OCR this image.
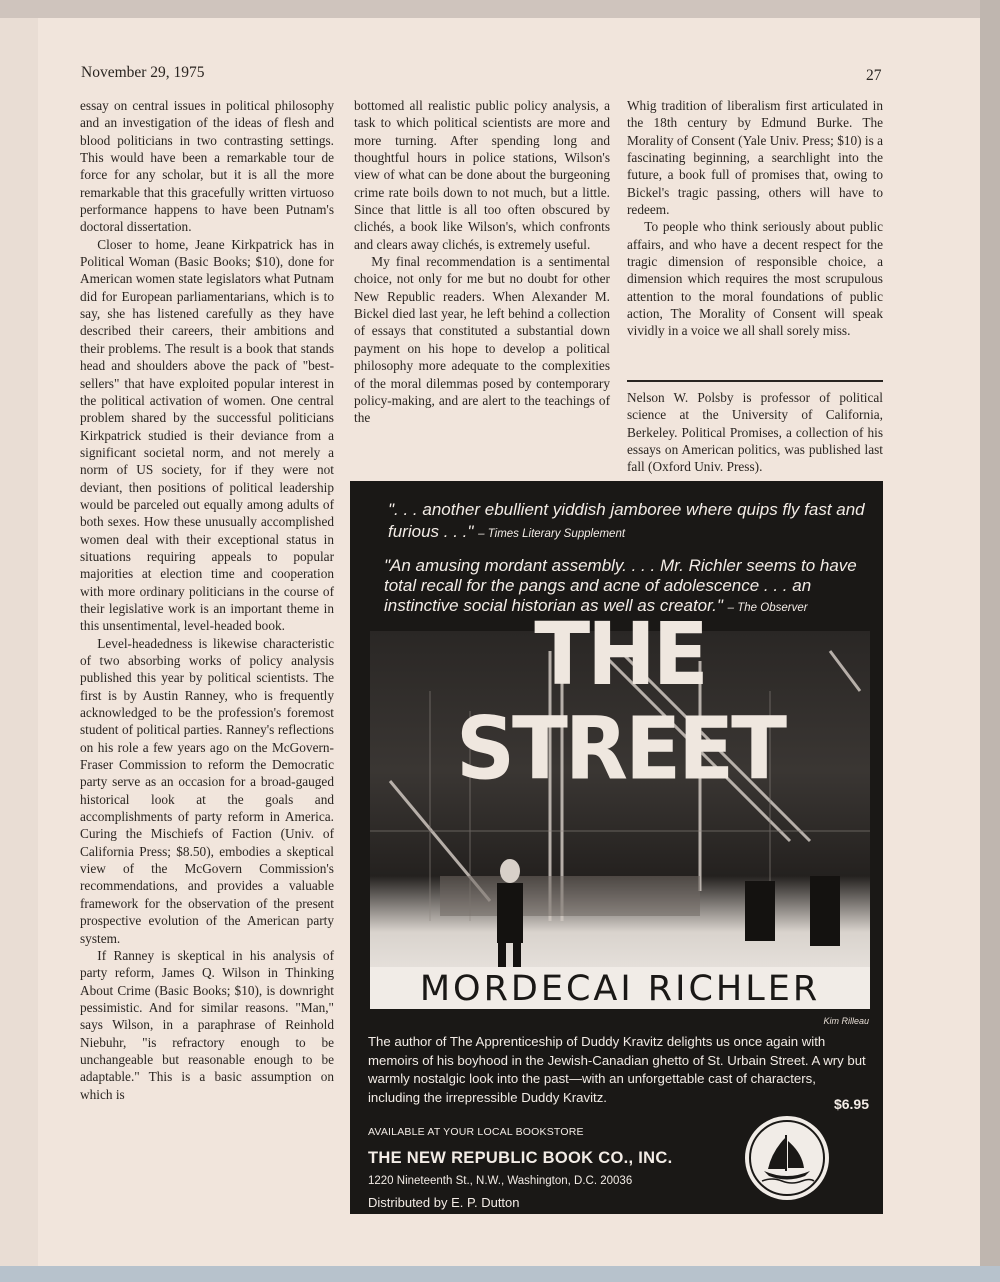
November 29, 1975	27

essay on central issues in political philosophy and an investigation of the ideas of flesh and blood politicians in two contrasting settings. This would have been a remarkable tour de force for any scholar, but it is all the more remarkable that this gracefully written virtuoso performance happens to have been Putnam's doctoral dissertation.

Closer to home, Jeane Kirkpatrick has in Political Woman (Basic Books; $10), done for American women state legislators what Putnam did for European parliamentarians, which is to say, she has listened carefully as they have described their careers, their ambitions and their problems. The result is a book that stands head and shoulders above the pack of "best-sellers" that have exploited popular interest in the political activation of women. One central problem shared by the successful politicians Kirkpatrick studied is their deviance from a significant societal norm, and not merely a norm of US society, for if they were not deviant, then positions of political leadership would be parceled out equally among adults of both sexes. How these unusually accomplished women deal with their exceptional status in situations requiring appeals to popular majorities at election time and cooperation with more ordinary politicians in the course of their legislative work is an important theme in this unsentimental, level-headed book.

Level-headedness is likewise characteristic of two absorbing works of policy analysis published this year by political scientists. The first is by Austin Ranney, who is frequently acknowledged to be the profession's foremost student of political parties. Ranney's reflections on his role a few years ago on the McGovern-Fraser Commission to reform the Democratic party serve as an occasion for a broad-gauged historical look at the goals and accomplishments of party reform in America. Curing the Mischiefs of Faction (Univ. of California Press; $8.50), embodies a skeptical view of the McGovern Commission's recommendations, and provides a valuable framework for the observation of the present prospective evolution of the American party system.

If Ranney is skeptical in his analysis of party reform, James Q. Wilson in Thinking About Crime (Basic Books; $10), is downright pessimistic. And for similar reasons. "Man," says Wilson, in a paraphrase of Reinhold Niebuhr, "is refractory enough to be unchangeable but reasonable enough to be adaptable." This is a basic assumption on which is

bottomed all realistic public policy analysis, a task to which political scientists are more and more turning. After spending long and thoughtful hours in police stations, Wilson's view of what can be done about the burgeoning crime rate boils down to not much, but a little. Since that little is all too often obscured by clichés, a book like Wilson's, which confronts and clears away clichés, is extremely useful.

My final recommendation is a sentimental choice, not only for me but no doubt for other New Republic readers. When Alexander M. Bickel died last year, he left behind a collection of essays that constituted a substantial down payment on his hope to develop a political philosophy more adequate to the complexities of the moral dilemmas posed by contemporary policy-making, and are alert to the teachings of the

Whig tradition of liberalism first articulated in the 18th century by Edmund Burke. The Morality of Consent (Yale Univ. Press; $10) is a fascinating beginning, a searchlight into the future, a book full of promises that, owing to Bickel's tragic passing, others will have to redeem.

To people who think seriously about public affairs, and who have a decent respect for the tragic dimension of responsible choice, a dimension which requires the most scrupulous attention to the moral foundations of public action, The Morality of Consent will speak vividly in a voice we all shall sorely miss.

Nelson W. Polsby is professor of political science at the University of California, Berkeley. Political Promises, a collection of his essays on American politics, was published last fall (Oxford Univ. Press).
". . . another ebullient yiddish jamboree where quips fly fast and furious . . ." – Times Literary Supplement
"An amusing mordant assembly. . . . Mr. Richler seems to have total recall for the pangs and acne of adolescence . . . an instinctive social historian as well as creator." – The Observer
THE STREET
MORDECAI RICHLER
Kim Rilleau
The author of The Apprenticeship of Duddy Kravitz delights us once again with memoirs of his boyhood in the Jewish-Canadian ghetto of St. Urbain Street. A wry but warmly nostalgic look into the past—with an unforgettable cast of characters, including the irrepressible Duddy Kravitz.	$6.95
AVAILABLE AT YOUR LOCAL BOOKSTORE
THE NEW REPUBLIC BOOK CO., INC.
1220 Nineteenth St., N.W., Washington, D.C. 20036
Distributed by E. P. Dutton
